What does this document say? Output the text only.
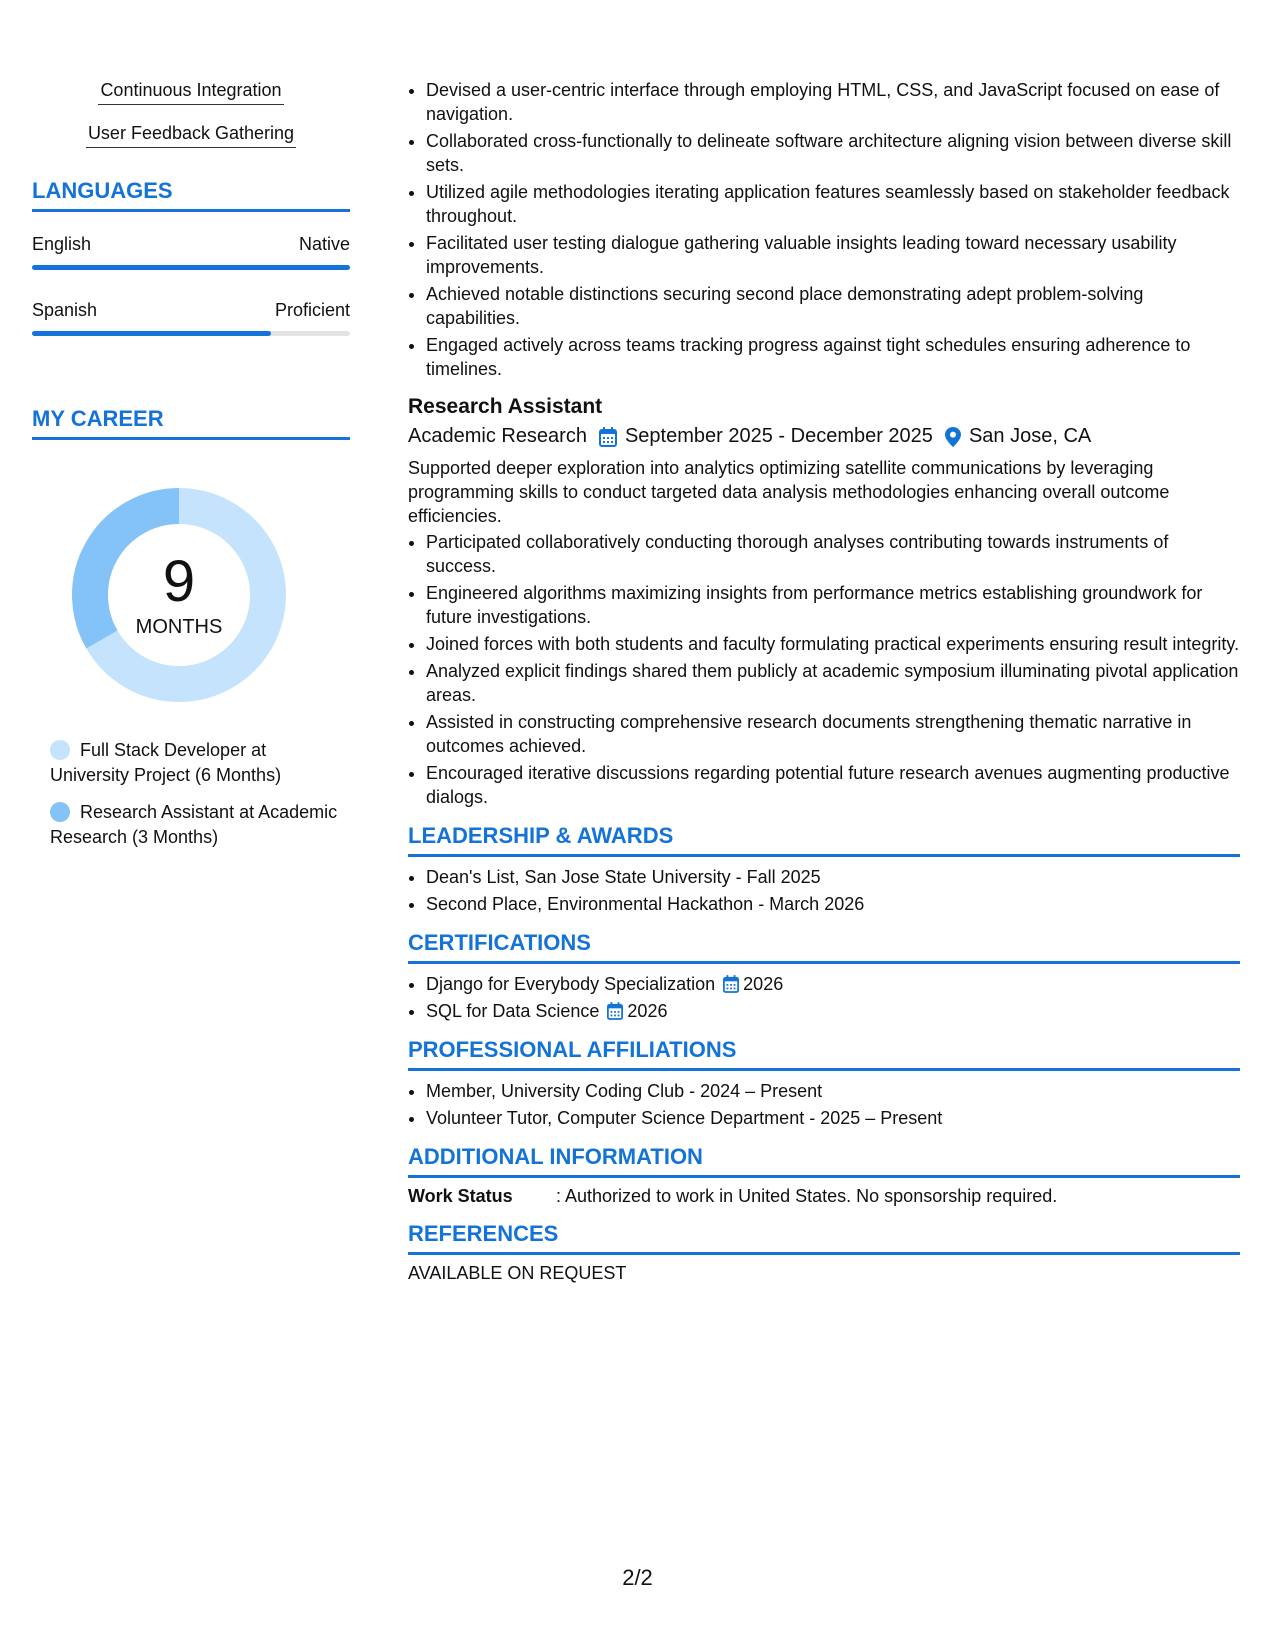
Continuous Integration
User Feedback Gathering
LANGUAGES
English	Native
Spanish	Proficient
MY CAREER
9
MONTHS
Full Stack Developer at University Project (6 Months)
Research Assistant at Academic Research (3 Months)
• Devised a user-centric interface through employing HTML, CSS, and JavaScript focused on ease of navigation.
• Collaborated cross-functionally to delineate software architecture aligning vision between diverse skill sets.
• Utilized agile methodologies iterating application features seamlessly based on stakeholder feedback throughout.
• Facilitated user testing dialogue gathering valuable insights leading toward necessary usability improvements.
• Achieved notable distinctions securing second place demonstrating adept problem-solving capabilities.
• Engaged actively across teams tracking progress against tight schedules ensuring adherence to timelines.
Research Assistant
Academic Research September 2025 - December 2025 San Jose, CA
Supported deeper exploration into analytics optimizing satellite communications by leveraging programming skills to conduct targeted data analysis methodologies enhancing overall outcome efficiencies.
• Participated collaboratively conducting thorough analyses contributing towards instruments of success.
• Engineered algorithms maximizing insights from performance metrics establishing groundwork for future investigations.
• Joined forces with both students and faculty formulating practical experiments ensuring result integrity.
• Analyzed explicit findings shared them publicly at academic symposium illuminating pivotal application areas.
• Assisted in constructing comprehensive research documents strengthening thematic narrative in outcomes achieved.
• Encouraged iterative discussions regarding potential future research avenues augmenting productive dialogs.
LEADERSHIP & AWARDS
• Dean's List, San Jose State University - Fall 2025
• Second Place, Environmental Hackathon - March 2026
CERTIFICATIONS
• Django for Everybody Specialization 2026
• SQL for Data Science 2026
PROFESSIONAL AFFILIATIONS
• Member, University Coding Club - 2024 – Present
• Volunteer Tutor, Computer Science Department - 2025 – Present
ADDITIONAL INFORMATION
Work Status	: Authorized to work in United States. No sponsorship required.
REFERENCES
AVAILABLE ON REQUEST
2/2
